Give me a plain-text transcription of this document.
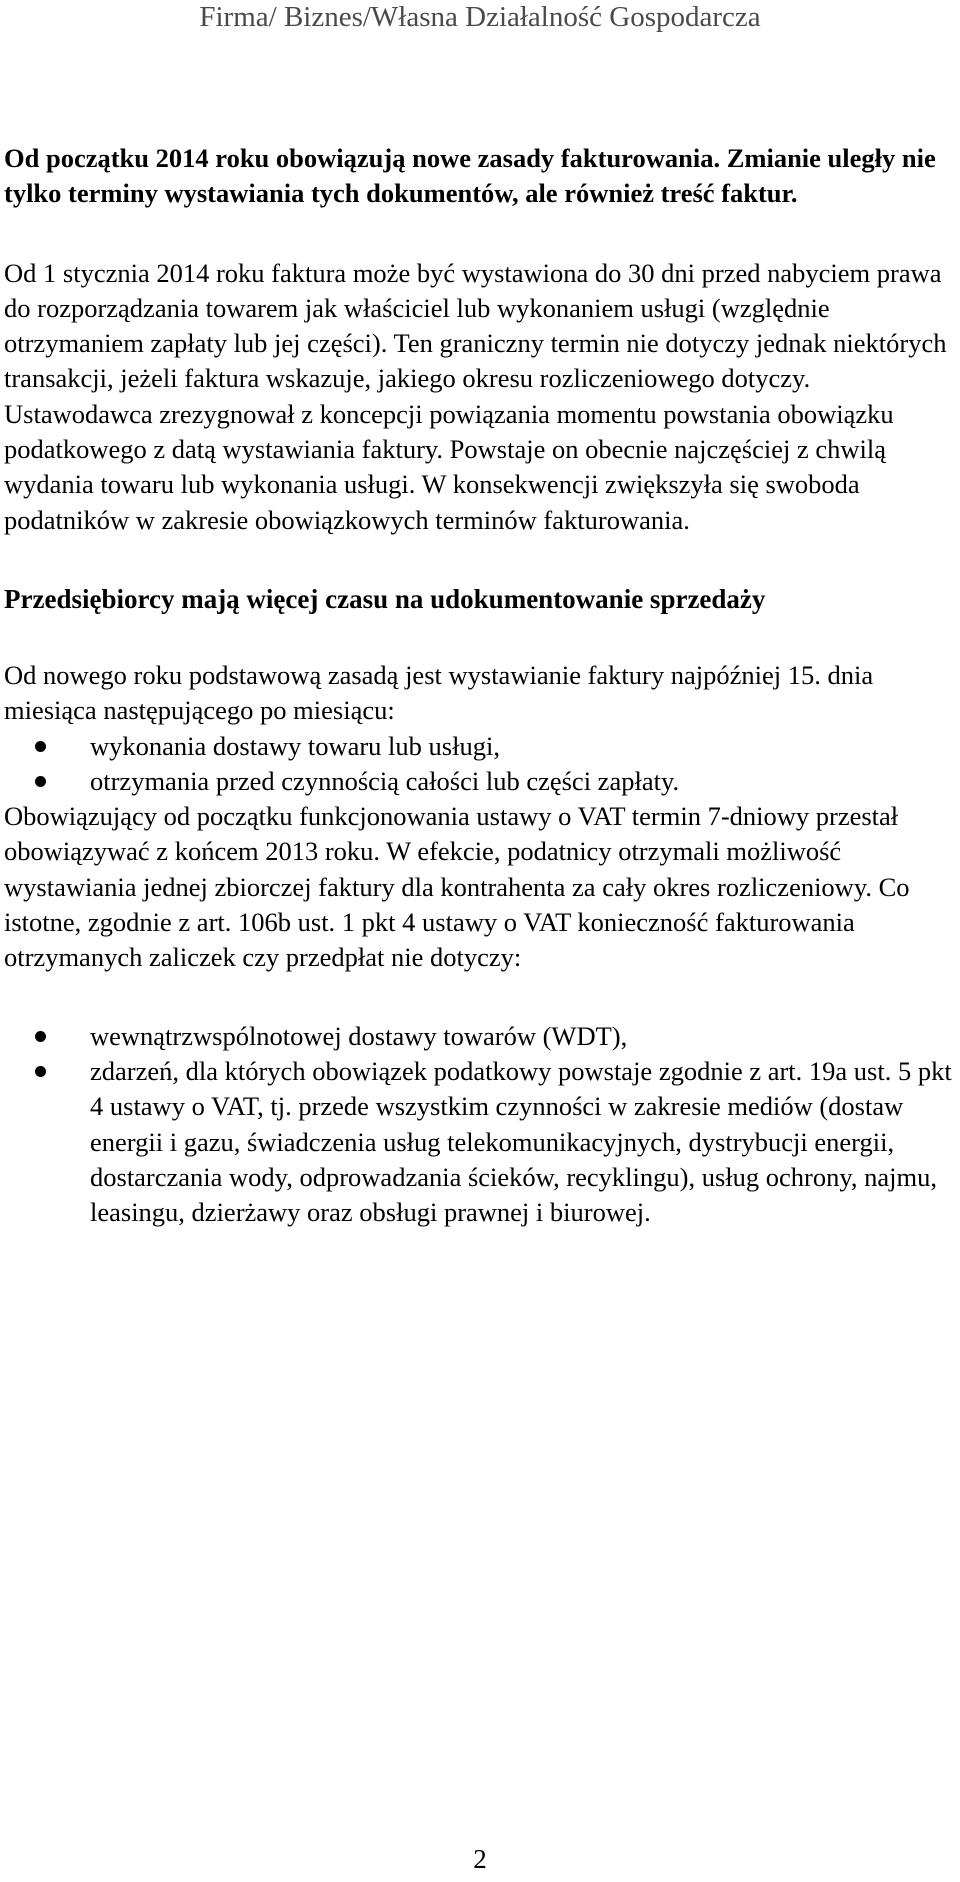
Firma/ Biznes/Własna Działalność Gospodarcza

Od początku 2014 roku obowiązują nowe zasady fakturowania. Zmianie uległy nie tylko terminy wystawiania tych dokumentów, ale również treść faktur.

Od 1 stycznia 2014 roku faktura może być wystawiona do 30 dni przed nabyciem prawa do rozporządzania towarem jak właściciel lub wykonaniem usługi (względnie otrzymaniem zapłaty lub jej części). Ten graniczny termin nie dotyczy jednak niektórych transakcji, jeżeli faktura wskazuje, jakiego okresu rozliczeniowego dotyczy. Ustawodawca zrezygnował z koncepcji powiązania momentu powstania obowiązku podatkowego z datą wystawiania faktury. Powstaje on obecnie najczęściej z chwilą wydania towaru lub wykonania usługi. W konsekwencji zwiększyła się swoboda podatników w zakresie obowiązkowych terminów fakturowania.

Przedsiębiorcy mają więcej czasu na udokumentowanie sprzedaży

Od nowego roku podstawową zasadą jest wystawianie faktury najpóźniej 15. dnia miesiąca następującego po miesiącu:

wykonania dostawy towaru lub usługi,
otrzymania przed czynnością całości lub części zapłaty.

Obowiązujący od początku funkcjonowania ustawy o VAT termin 7-dniowy przestał obowiązywać z końcem 2013 roku. W efekcie, podatnicy otrzymali możliwość wystawiania jednej zbiorczej faktury dla kontrahenta za cały okres rozliczeniowy. Co istotne, zgodnie z art. 106b ust. 1 pkt 4 ustawy o VAT konieczność fakturowania otrzymanych zaliczek czy przedpłat nie dotyczy:

wewnątrzwspólnotowej dostawy towarów (WDT),
zdarzeń, dla których obowiązek podatkowy powstaje zgodnie z art. 19a ust. 5 pkt 4 ustawy o VAT, tj. przede wszystkim czynności w zakresie mediów (dostaw energii i gazu, świadczenia usług telekomunikacyjnych, dystrybucji energii, dostarczania wody, odprowadzania ścieków, recyklingu), usług ochrony, najmu, leasingu, dzierżawy oraz obsługi prawnej i biurowej.
2
